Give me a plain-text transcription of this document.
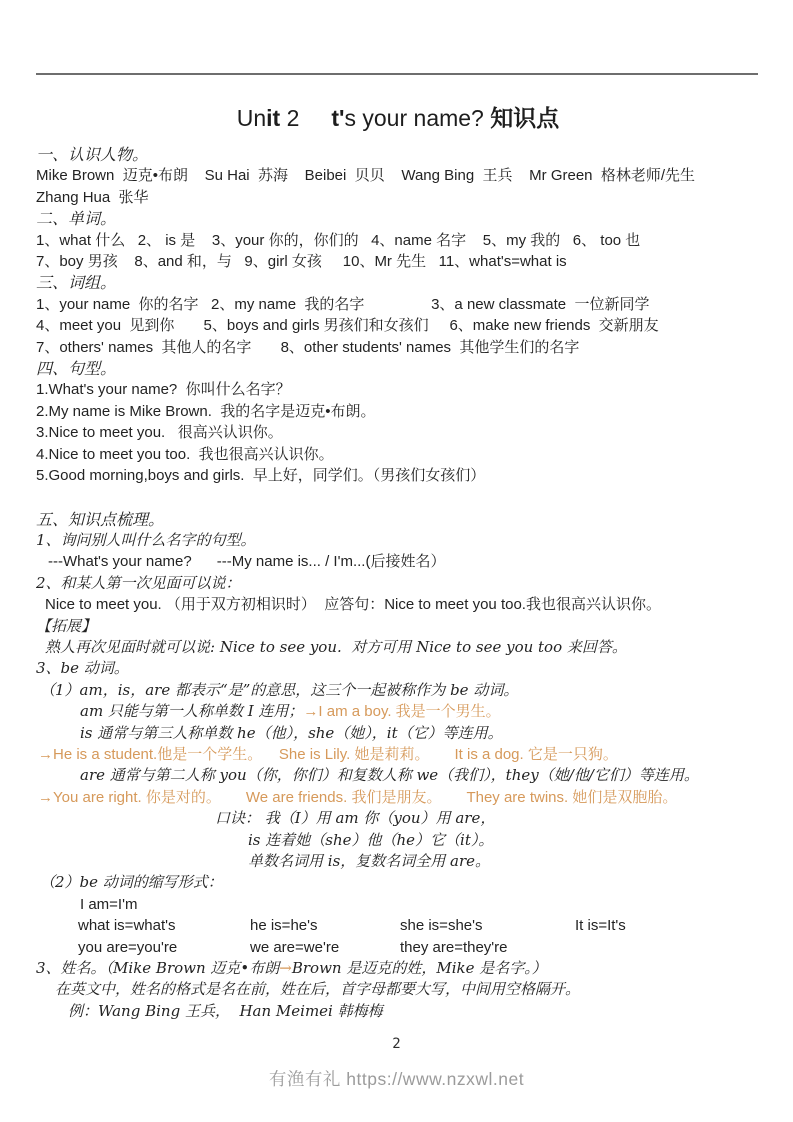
Unit 2     t's your name? 知识点
一、认识人物。
Mike Brown  迈克•布朗    Su Hai  苏海    Beibei  贝贝    Wang Bing  王兵    Mr Green  格林老师/先生
Zhang Hua  张华
二、单词。
1、what 什么   2、 is 是    3、your 你的，你们的   4、name 名字    5、my 我的   6、 too 也
7、boy 男孩    8、and 和，与   9、girl 女孩     10、Mr 先生   11、what's=what is
三、词组。
1、your name  你的名字   2、my name  我的名字                3、a new classmate  一位新同学
4、meet you  见到你       5、boys and girls 男孩们和女孩们     6、make new friends  交新朋友
7、others' names  其他人的名字       8、other students' names  其他学生们的名字
四、句型。
1.What's your name?  你叫什么名字？
2.My name is Mike Brown.  我的名字是迈克•布朗。
3.Nice to meet you.   很高兴认识你。
4.Nice to meet you too.  我也很高兴认识你。
5.Good morning,boys and girls.  早上好，同学们。（男孩们女孩们）
五、知识点梳理。
1、询问别人叫什么名字的句型。
---What's your name?      ---My name is... / I'm...(后接姓名）
2、和某人第一次见面可以说：
Nice to meet you. （用于双方初相识时）  应答句：Nice to meet you too.我也很高兴认识你。
【拓展】
熟人再次见面时就可以说: Nice to see you.  对方可用 Nice to see you too 来回答。
3、be 动词。
（1）am，is，are 都表示“是”的意思，这三个一起被称作为 be 动词。
am 只能与第一人称单数 I 连用；→I am a boy. 我是一个男生。
is 通常与第三人称单数 he（他），she（她），it（它）等连用。
→He is a student.他是一个学生。    She is Lily. 她是莉莉。      It is a dog. 它是一只狗。
are 通常与第二人称 you（你，你们）和复数人称 we（我们），they（她/他/它们）等连用。
→You are right. 你是对的。      We are friends. 我们是朋友。      They are twins. 她们是双胞胎。
口诀： 我（I）用 am 你（you）用 are，
is 连着她（she）他（he）它（it）。
单数名词用 is，复数名词全用 are。
（2）be 动词的缩写形式：
I am=I'm
what is=what's	he is=he's	she is=she's	It is=It's
you are=you're	we are=we're	they are=they're
3、姓名。（Mike Brown 迈克•布朗→Brown 是迈克的姓，Mike 是名字。）
在英文中，姓名的格式是名在前，姓在后，首字母都要大写，中间用空格隔开。
例：Wang Bing 王兵，  Han Meimei 韩梅梅
2
有渔有礼 https://www.nzxwl.net
